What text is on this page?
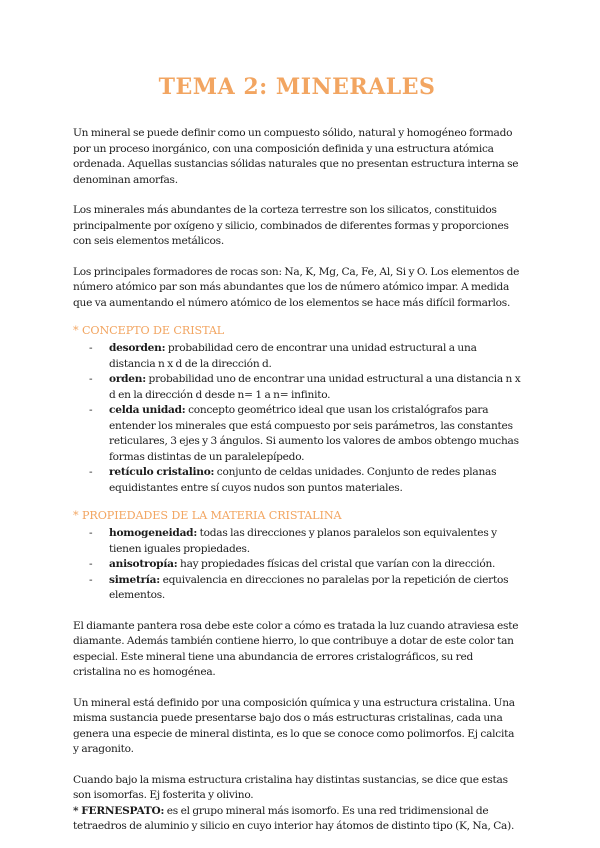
TEMA 2: MINERALES

Un mineral se puede definir como un compuesto sólido, natural y homogéneo formado por un proceso inorgánico, con una composición definida y una estructura atómica ordenada. Aquellas sustancias sólidas naturales que no presentan estructura interna se denominan amorfas.

Los minerales más abundantes de la corteza terrestre son los silicatos, constituidos principalmente por oxígeno y silicio, combinados de diferentes formas y proporciones con seis elementos metálicos.

Los principales formadores de rocas son: Na, K, Mg, Ca, Fe, Al, Si y O. Los elementos de número atómico par son más abundantes que los de número atómico impar. A medida que va aumentando el número atómico de los elementos se hace más difícil formarlos.

* CONCEPTO DE CRISTAL
- desorden: probabilidad cero de encontrar una unidad estructural a una distancia n x d de la dirección d.
- orden: probabilidad uno de encontrar una unidad estructural a una distancia n x d en la dirección d desde n= 1 a n= infinito.
- celda unidad: concepto geométrico ideal que usan los cristalógrafos para entender los minerales que está compuesto por seis parámetros, las constantes reticulares, 3 ejes y 3 ángulos. Si aumento los valores de ambos obtengo muchas formas distintas de un paralelepípedo.
- retículo cristalino: conjunto de celdas unidades. Conjunto de redes planas equidistantes entre sí cuyos nudos son puntos materiales.
* PROPIEDADES DE LA MATERIA CRISTALINA
- homogeneidad: todas las direcciones y planos paralelos son equivalentes y tienen iguales propiedades.
- anisotropía: hay propiedades físicas del cristal que varían con la dirección.
- simetría: equivalencia en direcciones no paralelas por la repetición de ciertos elementos.

El diamante pantera rosa debe este color a cómo es tratada la luz cuando atraviesa este diamante. Además también contiene hierro, lo que contribuye a dotar de este color tan especial. Este mineral tiene una abundancia de errores cristalográficos, su red cristalina no es homogénea.

Un mineral está definido por una composición química y una estructura cristalina. Una misma sustancia puede presentarse bajo dos o más estructuras cristalinas, cada una genera una especie de mineral distinta, es lo que se conoce como polimorfos. Ej calcita y aragonito.

Cuando bajo la misma estructura cristalina hay distintas sustancias, se dice que estas son isomorfas. Ej fosterita y olivino.

* FERNESPATO: es el grupo mineral más isomorfo. Es una red tridimensional de tetraedros de aluminio y silicio en cuyo interior hay átomos de distinto tipo (K, Na, Ca).
